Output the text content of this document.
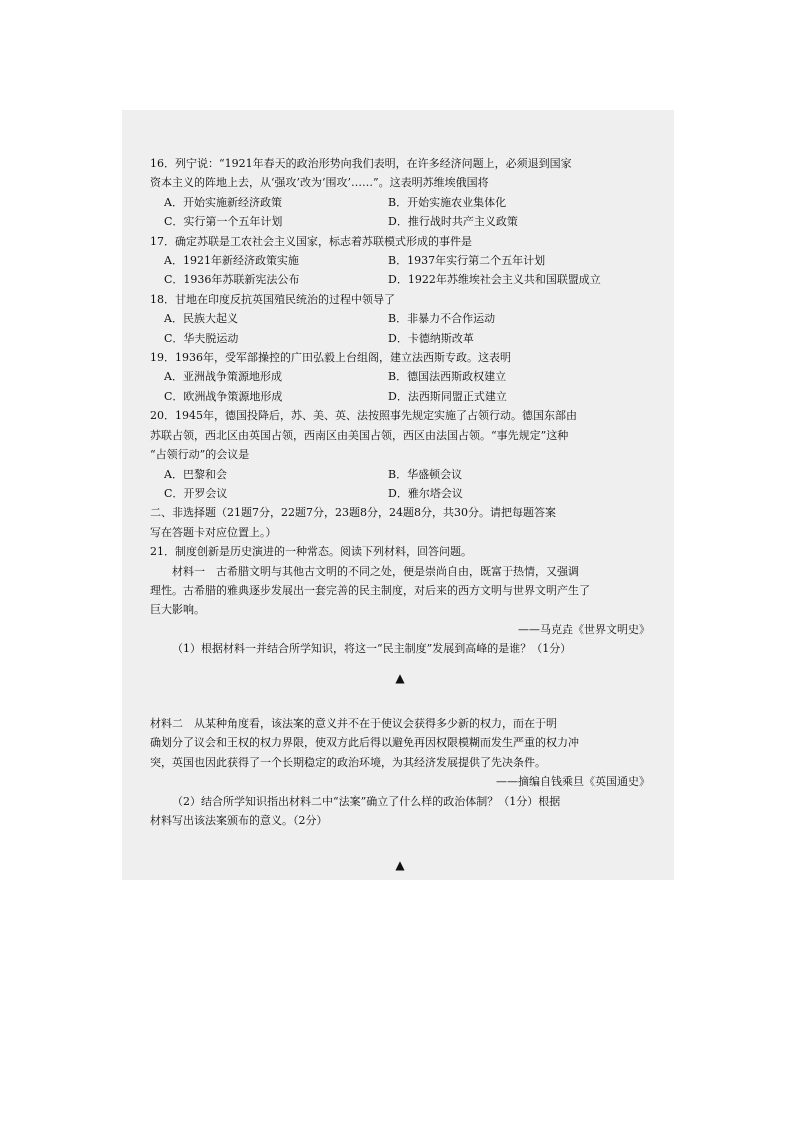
16．列宁说：“1921年春天的政治形势向我们表明，在许多经济问题上，必须退到国家
资本主义的阵地上去，从‘强攻’改为‘围攻’……”。这表明苏维埃俄国将
A．开始实施新经济政策	B．开始实施农业集体化
C．实行第一个五年计划	D．推行战时共产主义政策
17．确定苏联是工农社会主义国家，标志着苏联模式形成的事件是
A．1921年新经济政策实施	B．1937年实行第二个五年计划
C．1936年苏联新宪法公布	D．1922年苏维埃社会主义共和国联盟成立
18．甘地在印度反抗英国殖民统治的过程中领导了
A．民族大起义	B．非暴力不合作运动
C．华夫脱运动	D．卡德纳斯改革
19．1936年，受军部操控的广田弘毅上台组阁，建立法西斯专政。这表明
A．亚洲战争策源地形成	B．德国法西斯政权建立
C．欧洲战争策源地形成	D．法西斯同盟正式建立
20．1945年，德国投降后，苏、美、英、法按照事先规定实施了占领行动。德国东部由
苏联占领，西北区由英国占领，西南区由美国占领，西区由法国占领。“事先规定”这种
“占领行动”的会议是
A．巴黎和会	B．华盛顿会议
C．开罗会议	D．雅尔塔会议
二、非选择题（21题7分，22题7分，23题8分，24题8分，共30分。请把每题答案
写在答题卡对应位置上。）
21．制度创新是历史演进的一种常态。阅读下列材料，回答问题。
材料一　古希腊文明与其他古文明的不同之处，便是崇尚自由，既富于热情，又强调
理性。古希腊的雅典逐步发展出一套完善的民主制度，对后来的西方文明与世界文明产生了
巨大影响。
——马克垚《世界文明史》
（1）根据材料一并结合所学知识，将这一“民主制度”发展到高峰的是谁？（1分）
▲
材料二　从某种角度看，该法案的意义并不在于使议会获得多少新的权力，而在于明
确划分了议会和王权的权力界限，使双方此后得以避免再因权限模糊而发生严重的权力冲
突，英国也因此获得了一个长期稳定的政治环境，为其经济发展提供了先决条件。
——摘编自钱乘旦《英国通史》
（2）结合所学知识指出材料二中“法案”确立了什么样的政治体制？（1分）根据
材料写出该法案颁布的意义。（2分）
▲
